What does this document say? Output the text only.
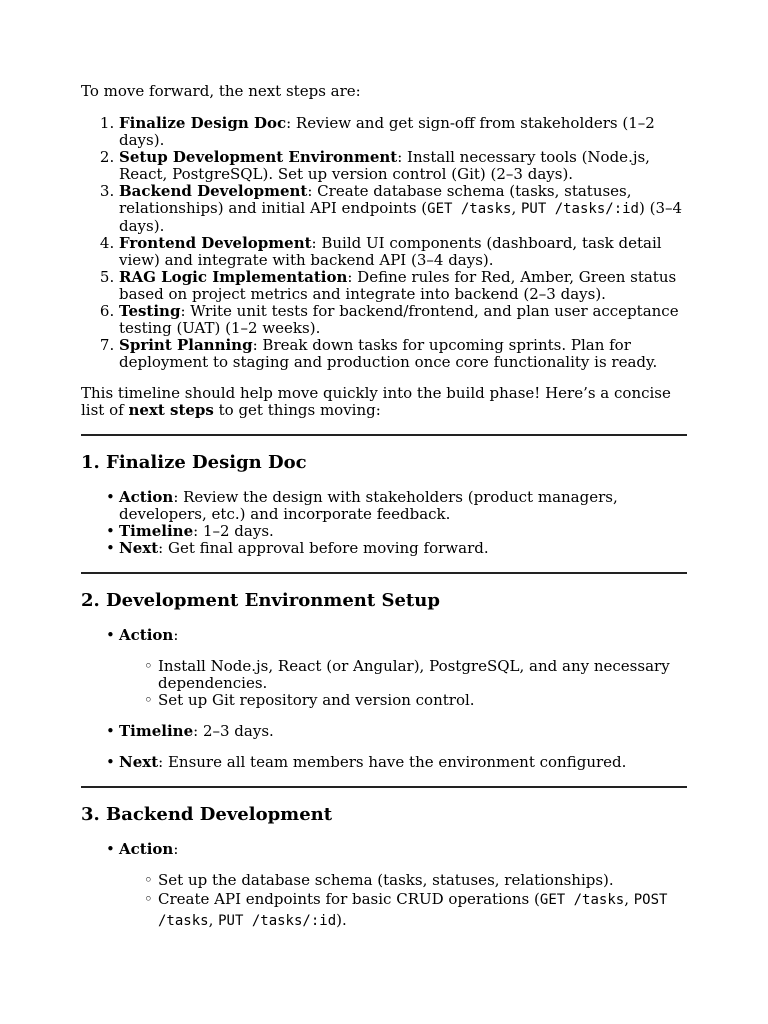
To move forward, the next steps are:

1. Finalize Design Doc: Review and get sign-off from stakeholders (1–2 days).
2. Setup Development Environment: Install necessary tools (Node.js, React, PostgreSQL). Set up version control (Git) (2–3 days).
3. Backend Development: Create database schema (tasks, statuses, relationships) and initial API endpoints (GET /tasks, PUT /tasks/:id) (3–4 days).
4. Frontend Development: Build UI components (dashboard, task detail view) and integrate with backend API (3–4 days).
5. RAG Logic Implementation: Define rules for Red, Amber, Green status based on project metrics and integrate into backend (2–3 days).
6. Testing: Write unit tests for backend/frontend, and plan user acceptance testing (UAT) (1–2 weeks).
7. Sprint Planning: Break down tasks for upcoming sprints. Plan for deployment to staging and production once core functionality is ready.

This timeline should help move quickly into the build phase! Here’s a concise list of next steps to get things moving:

1. Finalize Design Doc
• Action: Review the design with stakeholders (product managers, developers, etc.) and incorporate feedback.
• Timeline: 1–2 days.
• Next: Get final approval before moving forward.
2. Development Environment Setup
• Action:
◦ Install Node.js, React (or Angular), PostgreSQL, and any necessary dependencies.
◦ Set up Git repository and version control.
• Timeline: 2–3 days.
• Next: Ensure all team members have the environment configured.
3. Backend Development
• Action:
◦ Set up the database schema (tasks, statuses, relationships).
◦ Create API endpoints for basic CRUD operations (GET /tasks, POST /tasks, PUT /tasks/:id).
